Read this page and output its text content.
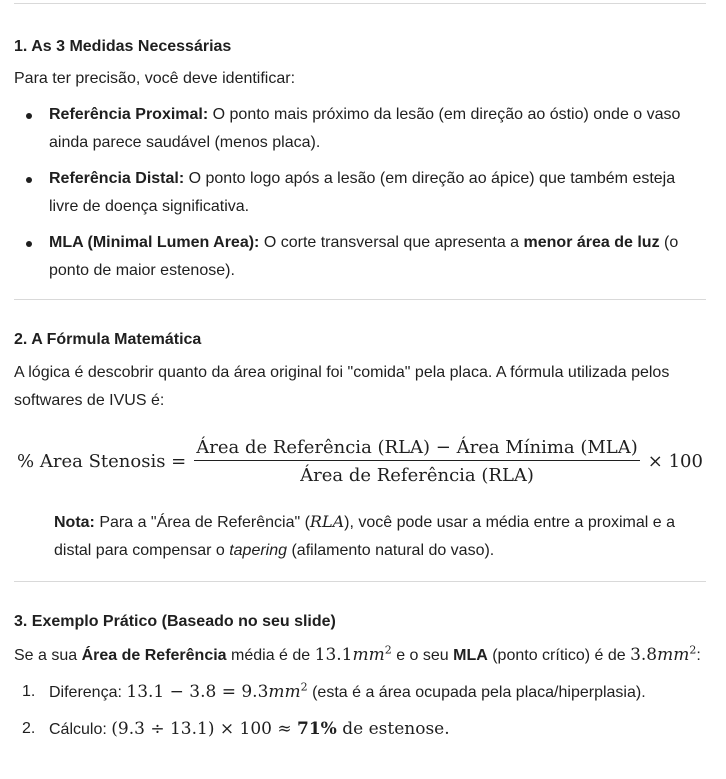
1. As 3 Medidas Necessárias

Para ter precisão, você deve identificar:

Referência Proximal: O ponto mais próximo da lesão (em direção ao óstio) onde o vaso ainda parece saudável (menos placa).
Referência Distal: O ponto logo após a lesão (em direção ao ápice) que também esteja livre de doença significativa.
MLA (Minimal Lumen Area): O corte transversal que apresenta a menor área de luz (o ponto de maior estenose).
2. A Fórmula Matemática

A lógica é descobrir quanto da área original foi "comida" pela placa. A fórmula utilizada pelos softwares de IVUS é:

% Area Stenosis = $\frac{\text{Área de Referência (RLA) − Área Mínima (MLA)}}{\text{Área de Referência (RLA)}} \times 100$

Nota: Para a "Área de Referência" (RLA), você pode usar a média entre a proximal e a distal para compensar o tapering (afilamento natural do vaso).

3. Exemplo Prático (Baseado no seu slide)

Se a sua Área de Referência média é de $13.1mm^2$ e o seu MLA (ponto crítico) é de $3.8mm^2$:

1. Diferença: $13.1 - 3.8 = 9.3mm^2$ (esta é a área ocupada pela placa/hiperplasia).
2. Cálculo: (9.3 ÷ 13.1) × 100 ≈ 71% de estenose.
